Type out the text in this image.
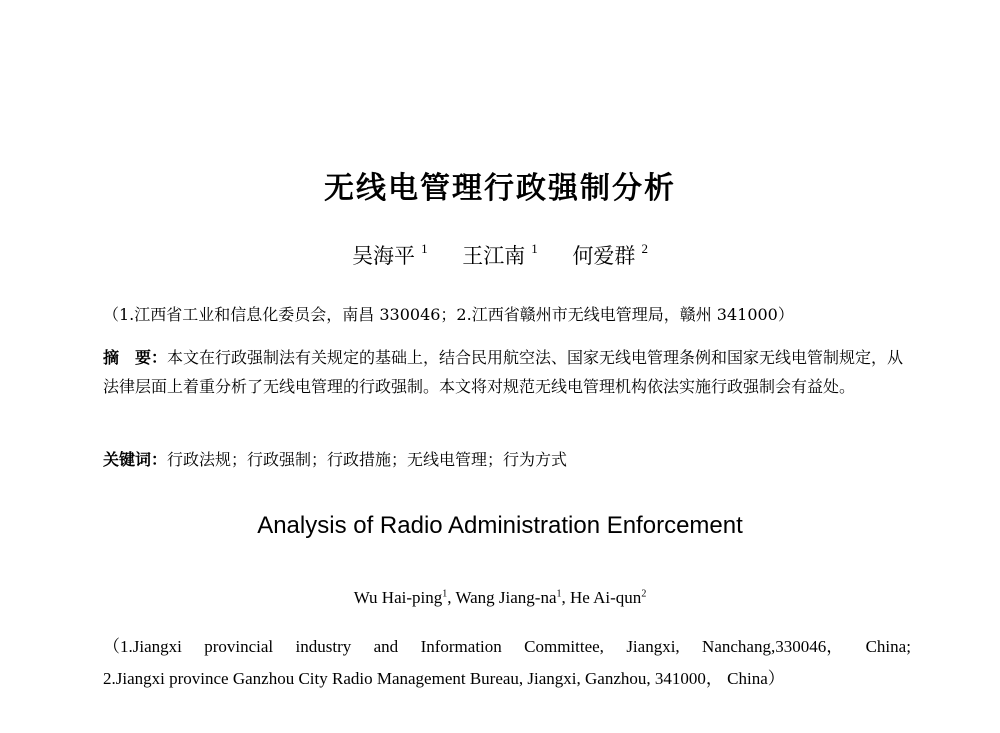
无线电管理行政强制分析
吴海平 $^1$ 王江南 $^1$ 何爱群 $^2$
（1.江西省工业和信息化委员会，南昌 330046；2.江西省赣州市无线电管理局，赣州 341000）
摘　要：本文在行政强制法有关规定的基础上，结合民用航空法、国家无线电管理条例和国家无线电管制规定，从法律层面上着重分析了无线电管理的行政强制。本文将对规范无线电管理机构依法实施行政强制会有益处。
关键词：行政法规；行政强制；行政措施；无线电管理；行为方式
Analysis of Radio Administration Enforcement
Wu Hai-ping$^1$, Wang Jiang-$na^1$, He Ai-qun$^2$
（1.Jiangxi provincial industry and Information Committee, Jiangxi, Nanchang,330046， China;
2.Jiangxi province Ganzhou City Radio Management Bureau, Jiangxi, Ganzhou, 341000， China）
